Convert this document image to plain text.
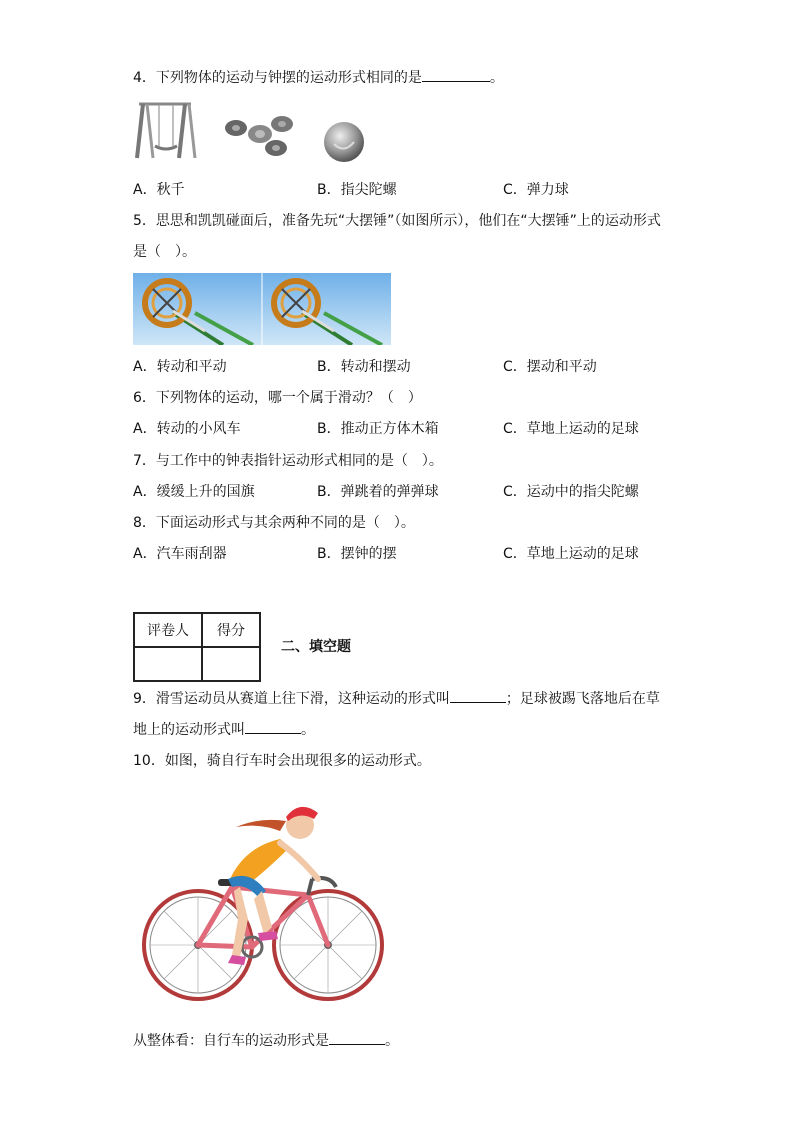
4．下列物体的运动与钟摆的运动形式相同的是	。
A．秋千	B．指尖陀螺	C．弹力球
5．思思和凯凯碰面后，准备先玩“大摆锤”（如图所示），他们在“大摆锤”上的运动形式
是（　）。
A．转动和平动	B．转动和摆动	C．摆动和平动
6．下列物体的运动，哪一个属于滑动？（　）
A．转动的小风车	B．推动正方体木箱	C．草地上运动的足球
7．与工作中的钟表指针运动形式相同的是（　）。
A．缓缓上升的国旗	B．弹跳着的弹弹球	C．运动中的指尖陀螺
8．下面运动形式与其余两种不同的是（　）。
A．汽车雨刮器	B．摆钟的摆	C．草地上运动的足球
评卷人	得分

二、填空题
9．滑雪运动员从赛道上往下滑，这种运动的形式叫	；足球被踢飞落地后在草
地上的运动形式叫	。
10．如图，骑自行车时会出现很多的运动形式。
从整体看：自行车的运动形式是	。
